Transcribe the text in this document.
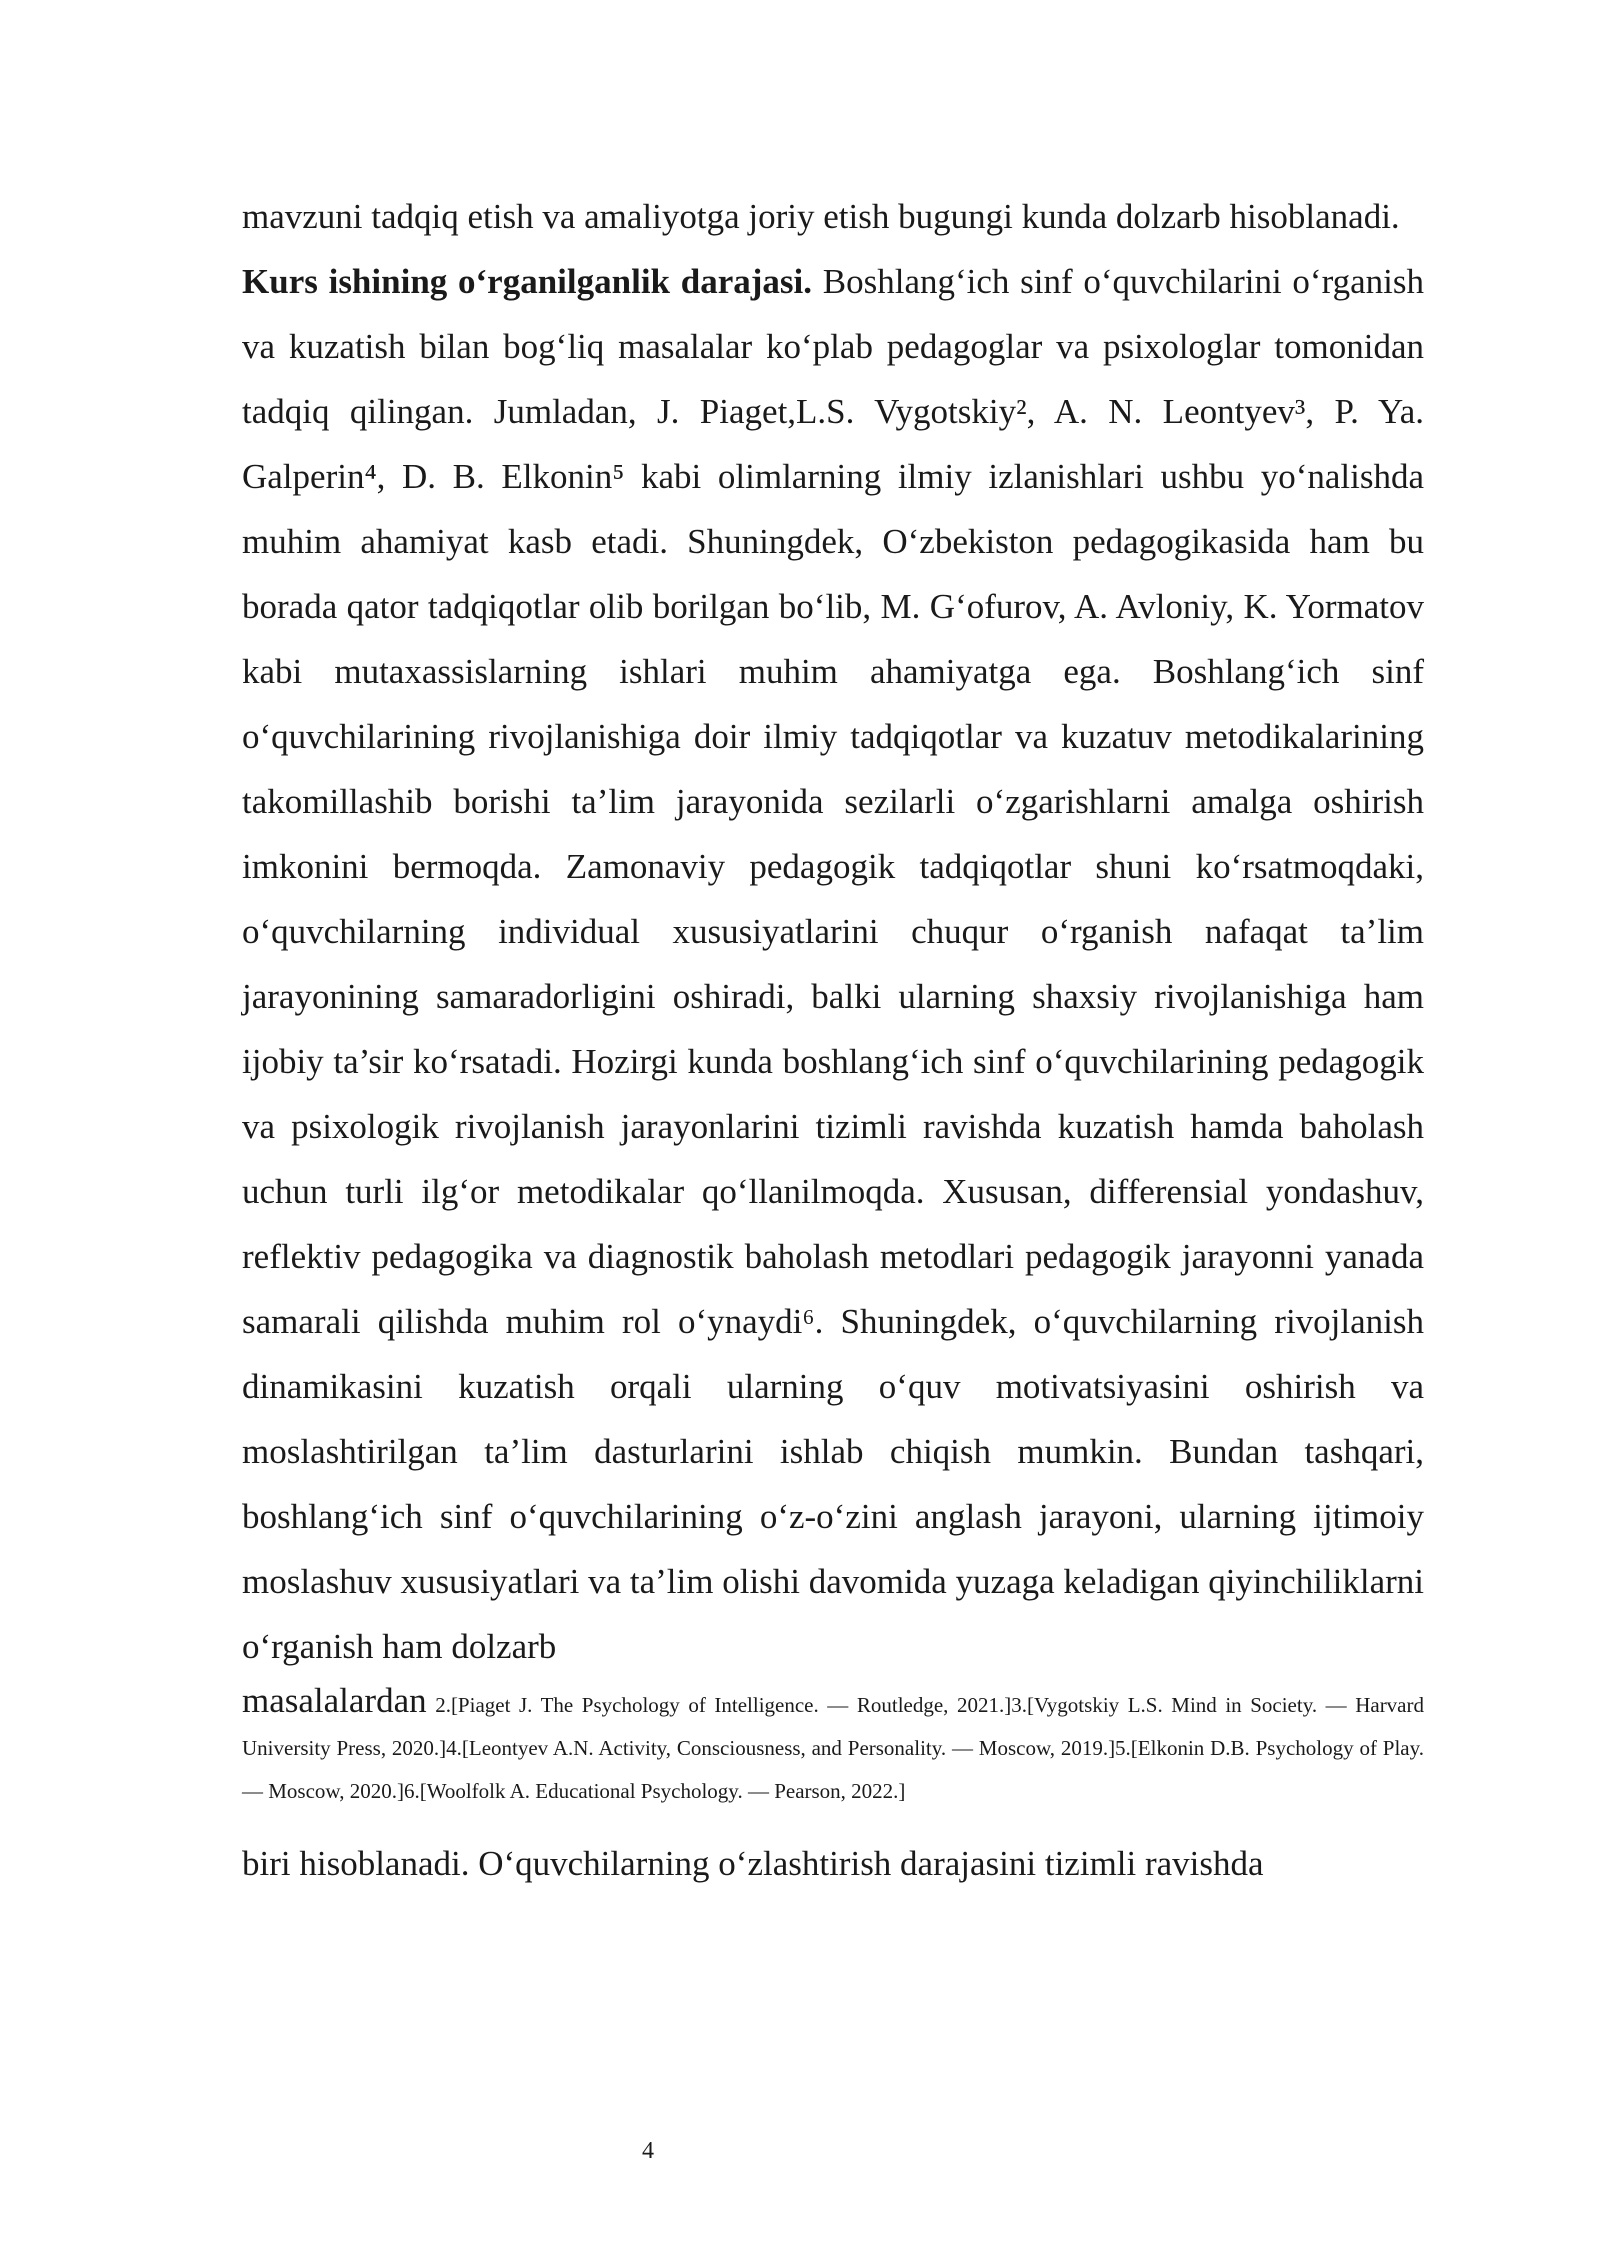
mavzuni tadqiq etish va amaliyotga joriy etish bugungi kunda dolzarb hisoblanadi.

Kurs ishining o‘rganilganlik darajasi. Boshlang‘ich sinf o‘quvchilarini o‘rganish va kuzatish bilan bog‘liq masalalar ko‘plab pedagoglar va psixologlar tomonidan tadqiq qilingan. Jumladan, J. Piaget,L.S. Vygotskiy², A. N. Leontyev³, P. Ya. Galperin⁴, D. B. Elkonin⁵ kabi olimlarning ilmiy izlanishlari ushbu yo‘nalishda muhim ahamiyat kasb etadi. Shuningdek, O‘zbekiston pedagogikasida ham bu borada qator tadqiqotlar olib borilgan bo‘lib, M. G‘ofurov, A. Avloniy, K. Yormatov kabi mutaxassislarning ishlari muhim ahamiyatga ega. Boshlang‘ich sinf o‘quvchilarining rivojlanishiga doir ilmiy tadqiqotlar va kuzatuv metodikalarining takomillashib borishi ta’lim jarayonida sezilarli o‘zgarishlarni amalga oshirish imkonini bermoqda. Zamonaviy pedagogik tadqiqotlar shuni ko‘rsatmoqdaki, o‘quvchilarning individual xususiyatlarini chuqur o‘rganish nafaqat ta’lim jarayonining samaradorligini oshiradi, balki ularning shaxsiy rivojlanishiga ham ijobiy ta’sir ko‘rsatadi. Hozirgi kunda boshlang‘ich sinf o‘quvchilarining pedagogik va psixologik rivojlanish jarayonlarini tizimli ravishda kuzatish hamda baholash uchun turli ilg‘or metodikalar qo‘llanilmoqda. Xususan, differensial yondashuv, reflektiv pedagogika va diagnostik baholash metodlari pedagogik jarayonni yanada samarali qilishda muhim rol o‘ynaydi⁶. Shuningdek, o‘quvchilarning rivojlanish dinamikasini kuzatish orqali ularning o‘quv motivatsiyasini oshirish va moslashtirilgan ta’lim dasturlarini ishlab chiqish mumkin. Bundan tashqari, boshlang‘ich sinf o‘quvchilarining o‘z-o‘zini anglash jarayoni, ularning ijtimoiy moslashuv xususiyatlari va ta’lim olishi davomida yuzaga keladigan qiyinchiliklarni o‘rganish ham dolzarb

masalalardan 2.[Piaget J. The Psychology of Intelligence. — Routledge, 2021.]3.[Vygotskiy L.S. Mind in Society. — Harvard University Press, 2020.]4.[Leontyev A.N. Activity, Consciousness, and Personality. — Moscow, 2019.]5.[Elkonin D.B. Psychology of Play. — Moscow, 2020.]6.[Woolfolk A. Educational Psychology. — Pearson, 2022.]

biri hisoblanadi. O‘quvchilarning o‘zlashtirish darajasini tizimli ravishda

4
